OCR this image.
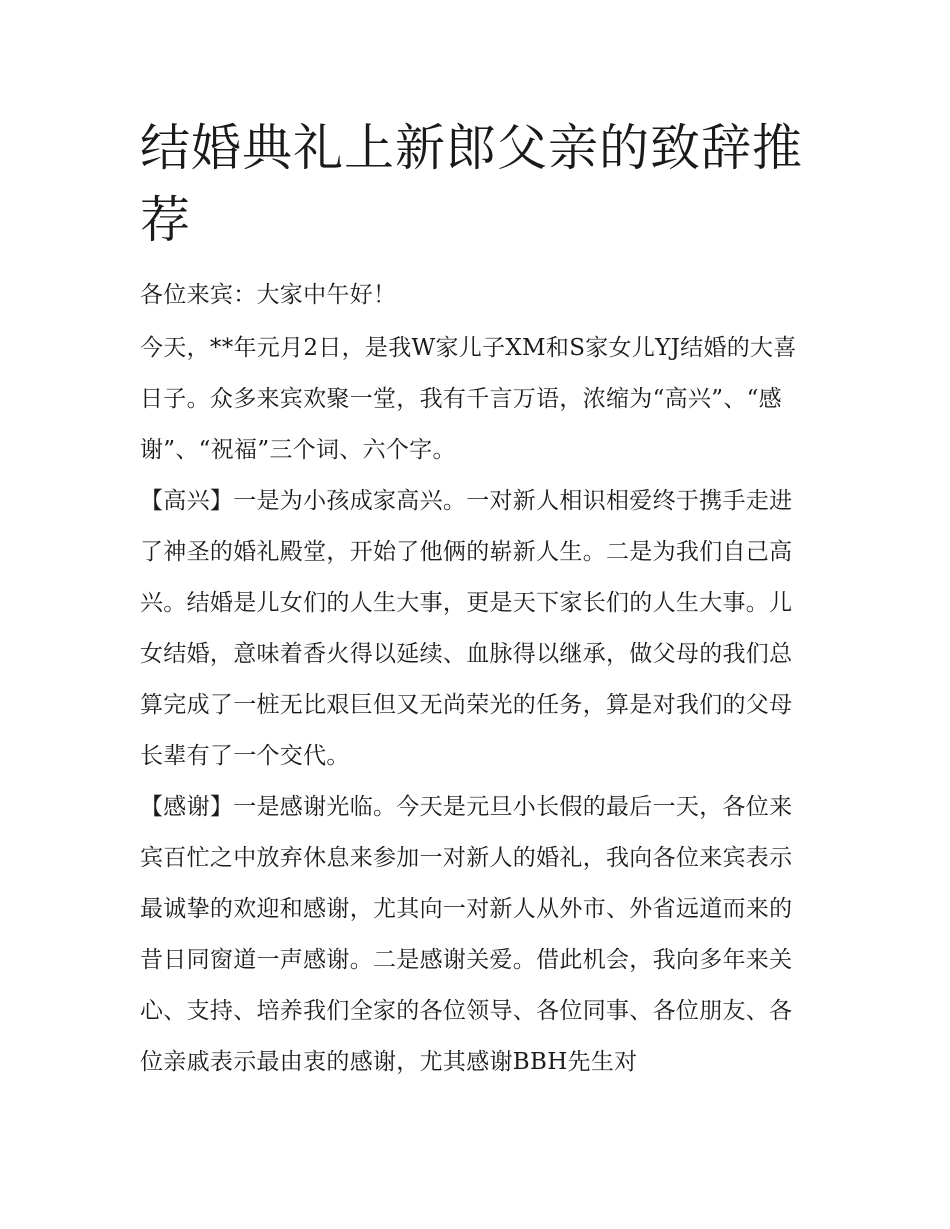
结婚典礼上新郎父亲的致辞推荐

各位来宾：大家中午好！

今天，**年元月2日，是我W家儿子XM和S家女儿YJ结婚的大喜日子。众多来宾欢聚一堂，我有千言万语，浓缩为“高兴”、“感谢”、“祝福”三个词、六个字。

【高兴】一是为小孩成家高兴。一对新人相识相爱终于携手走进了神圣的婚礼殿堂，开始了他俩的崭新人生。二是为我们自己高兴。结婚是儿女们的人生大事，更是天下家长们的人生大事。儿女结婚，意味着香火得以延续、血脉得以继承，做父母的我们总算完成了一桩无比艰巨但又无尚荣光的任务，算是对我们的父母长辈有了一个交代。

【感谢】一是感谢光临。今天是元旦小长假的最后一天，各位来宾百忙之中放弃休息来参加一对新人的婚礼，我向各位来宾表示最诚挚的欢迎和感谢，尤其向一对新人从外市、外省远道而来的昔日同窗道一声感谢。二是感谢关爱。借此机会，我向多年来关心、支持、培养我们全家的各位领导、各位同事、各位朋友、各位亲戚表示最由衷的感谢，尤其感谢BBH先生对
